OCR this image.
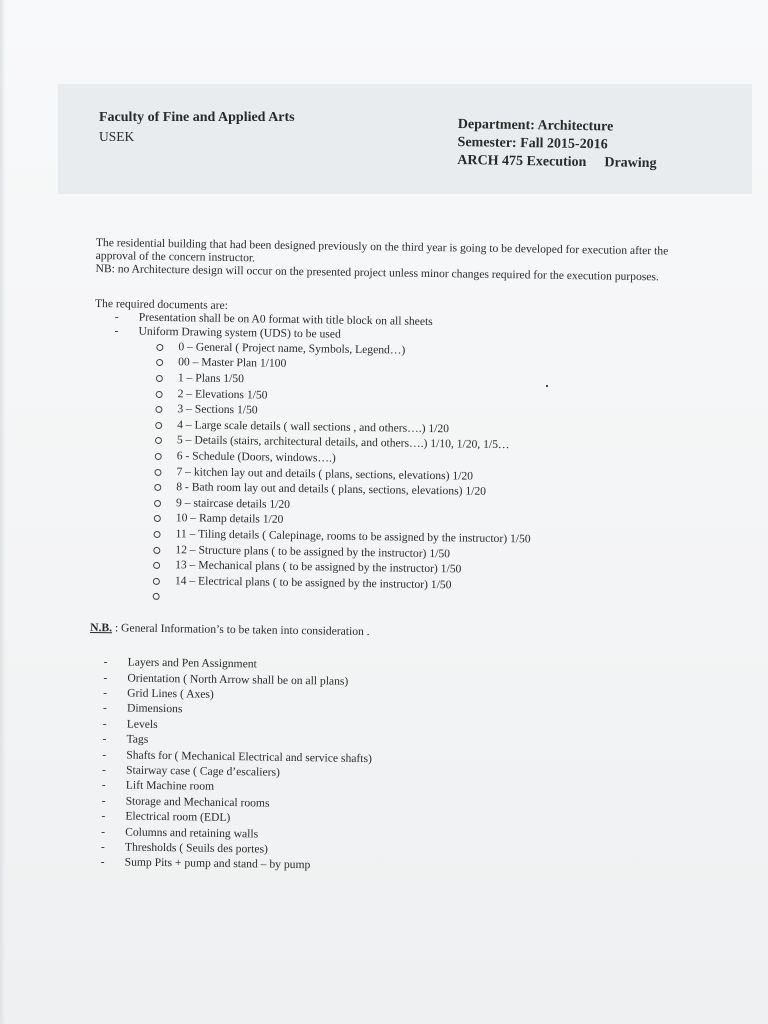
Faculty of Fine and Applied Arts
USEK
Department: Architecture
Semester: Fall 2015-2016
ARCH 475 Execution Drawing

The residential building that had been designed previously on the third year is going to be developed for execution after the approval of the concern instructor.

NB: no Architecture design will occur on the presented project unless minor changes required for the execution purposes.

The required documents are:
- Presentation shall be on A0 format with title block on all sheets
- Uniform Drawing system (UDS) to be used
0 – General ( Project name, Symbols, Legend…)
00 – Master Plan 1/100
1 – Plans 1/50
2 – Elevations 1/50
3 – Sections 1/50
4 – Large scale details ( wall sections , and others….) 1/20
5 – Details (stairs, architectural details, and others….) 1/10, 1/20, 1/5…
6 - Schedule (Doors, windows….)
7 – kitchen lay out and details ( plans, sections, elevations) 1/20
8 - Bath room lay out and details ( plans, sections, elevations) 1/20
9 – staircase details 1/20
10 – Ramp details 1/20
11 – Tiling details ( Calepinage, rooms to be assigned by the instructor) 1/50
12 – Structure plans ( to be assigned by the instructor) 1/50
13 – Mechanical plans ( to be assigned by the instructor) 1/50
14 – Electrical plans ( to be assigned by the instructor) 1/50
N.B. : General Information’s to be taken into consideration .
- Layers and Pen Assignment
- Orientation ( North Arrow shall be on all plans)
- Grid Lines ( Axes)
- Dimensions
- Levels
- Tags
- Shafts for ( Mechanical Electrical and service shafts)
- Stairway case ( Cage d’escaliers)
- Lift Machine room
- Storage and Mechanical rooms
- Electrical room (EDL)
- Columns and retaining walls
- Thresholds ( Seuils des portes)
- Sump Pits + pump and stand – by pump
